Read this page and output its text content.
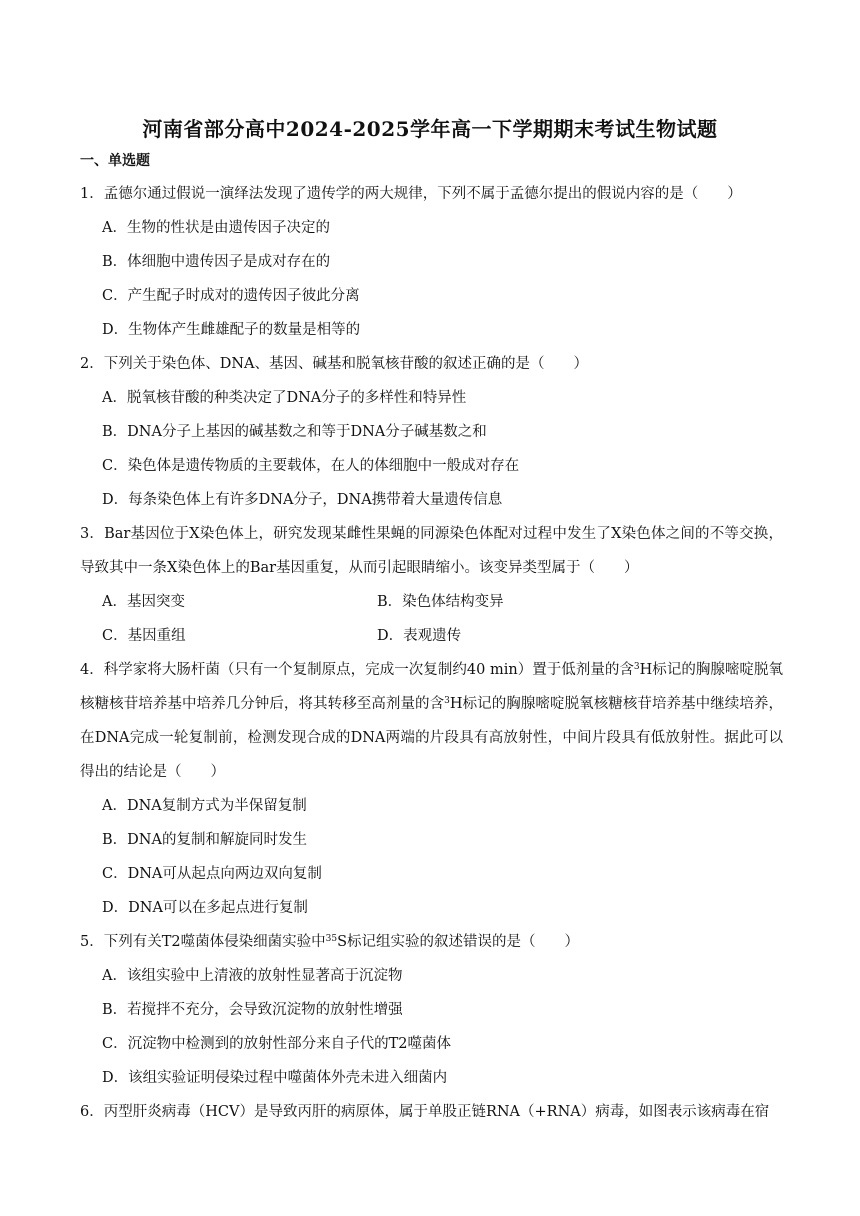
河南省部分高中2024-2025学年高一下学期期末考试生物试题
一、单选题
1．孟德尔通过假说一演绎法发现了遗传学的两大规律，下列不属于孟德尔提出的假说内容的是（　　）
A．生物的性状是由遗传因子决定的
B．体细胞中遗传因子是成对存在的
C．产生配子时成对的遗传因子彼此分离
D．生物体产生雌雄配子的数量是相等的
2．下列关于染色体、DNA、基因、碱基和脱氧核苷酸的叙述正确的是（　　）
A．脱氧核苷酸的种类决定了DNA分子的多样性和特异性
B．DNA分子上基因的碱基数之和等于DNA分子碱基数之和
C．染色体是遗传物质的主要载体，在人的体细胞中一般成对存在
D．每条染色体上有许多DNA分子，DNA携带着大量遗传信息
3．Bar基因位于X染色体上，研究发现某雌性果蝇的同源染色体配对过程中发生了X染色体之间的不等交换，导致其中一条X染色体上的Bar基因重复，从而引起眼睛缩小。该变异类型属于（　　）
A．基因突变	B．染色体结构变异
C．基因重组	D．表观遗传
4．科学家将大肠杆菌（只有一个复制原点，完成一次复制约40 min）置于低剂量的含$^3$H标记的胸腺嘧啶脱氧核糖核苷培养基中培养几分钟后，将其转移至高剂量的含$^3$H标记的胸腺嘧啶脱氧核糖核苷培养基中继续培养，在DNA完成一轮复制前，检测发现合成的DNA两端的片段具有高放射性，中间片段具有低放射性。据此可以得出的结论是（　　）
A．DNA复制方式为半保留复制
B．DNA的复制和解旋同时发生
C．DNA可从起点向两边双向复制
D．DNA可以在多起点进行复制
5．下列有关T2噬菌体侵染细菌实验中$^{35}$S标记组实验的叙述错误的是（　　）
A．该组实验中上清液的放射性显著高于沉淀物
B．若搅拌不充分，会导致沉淀物的放射性增强
C．沉淀物中检测到的放射性部分来自子代的T2噬菌体
D．该组实验证明侵染过程中噬菌体外壳未进入细菌内
6．丙型肝炎病毒（HCV）是导致丙肝的病原体，属于单股正链RNA（+RNA）病毒，如图表示该病毒在宿
